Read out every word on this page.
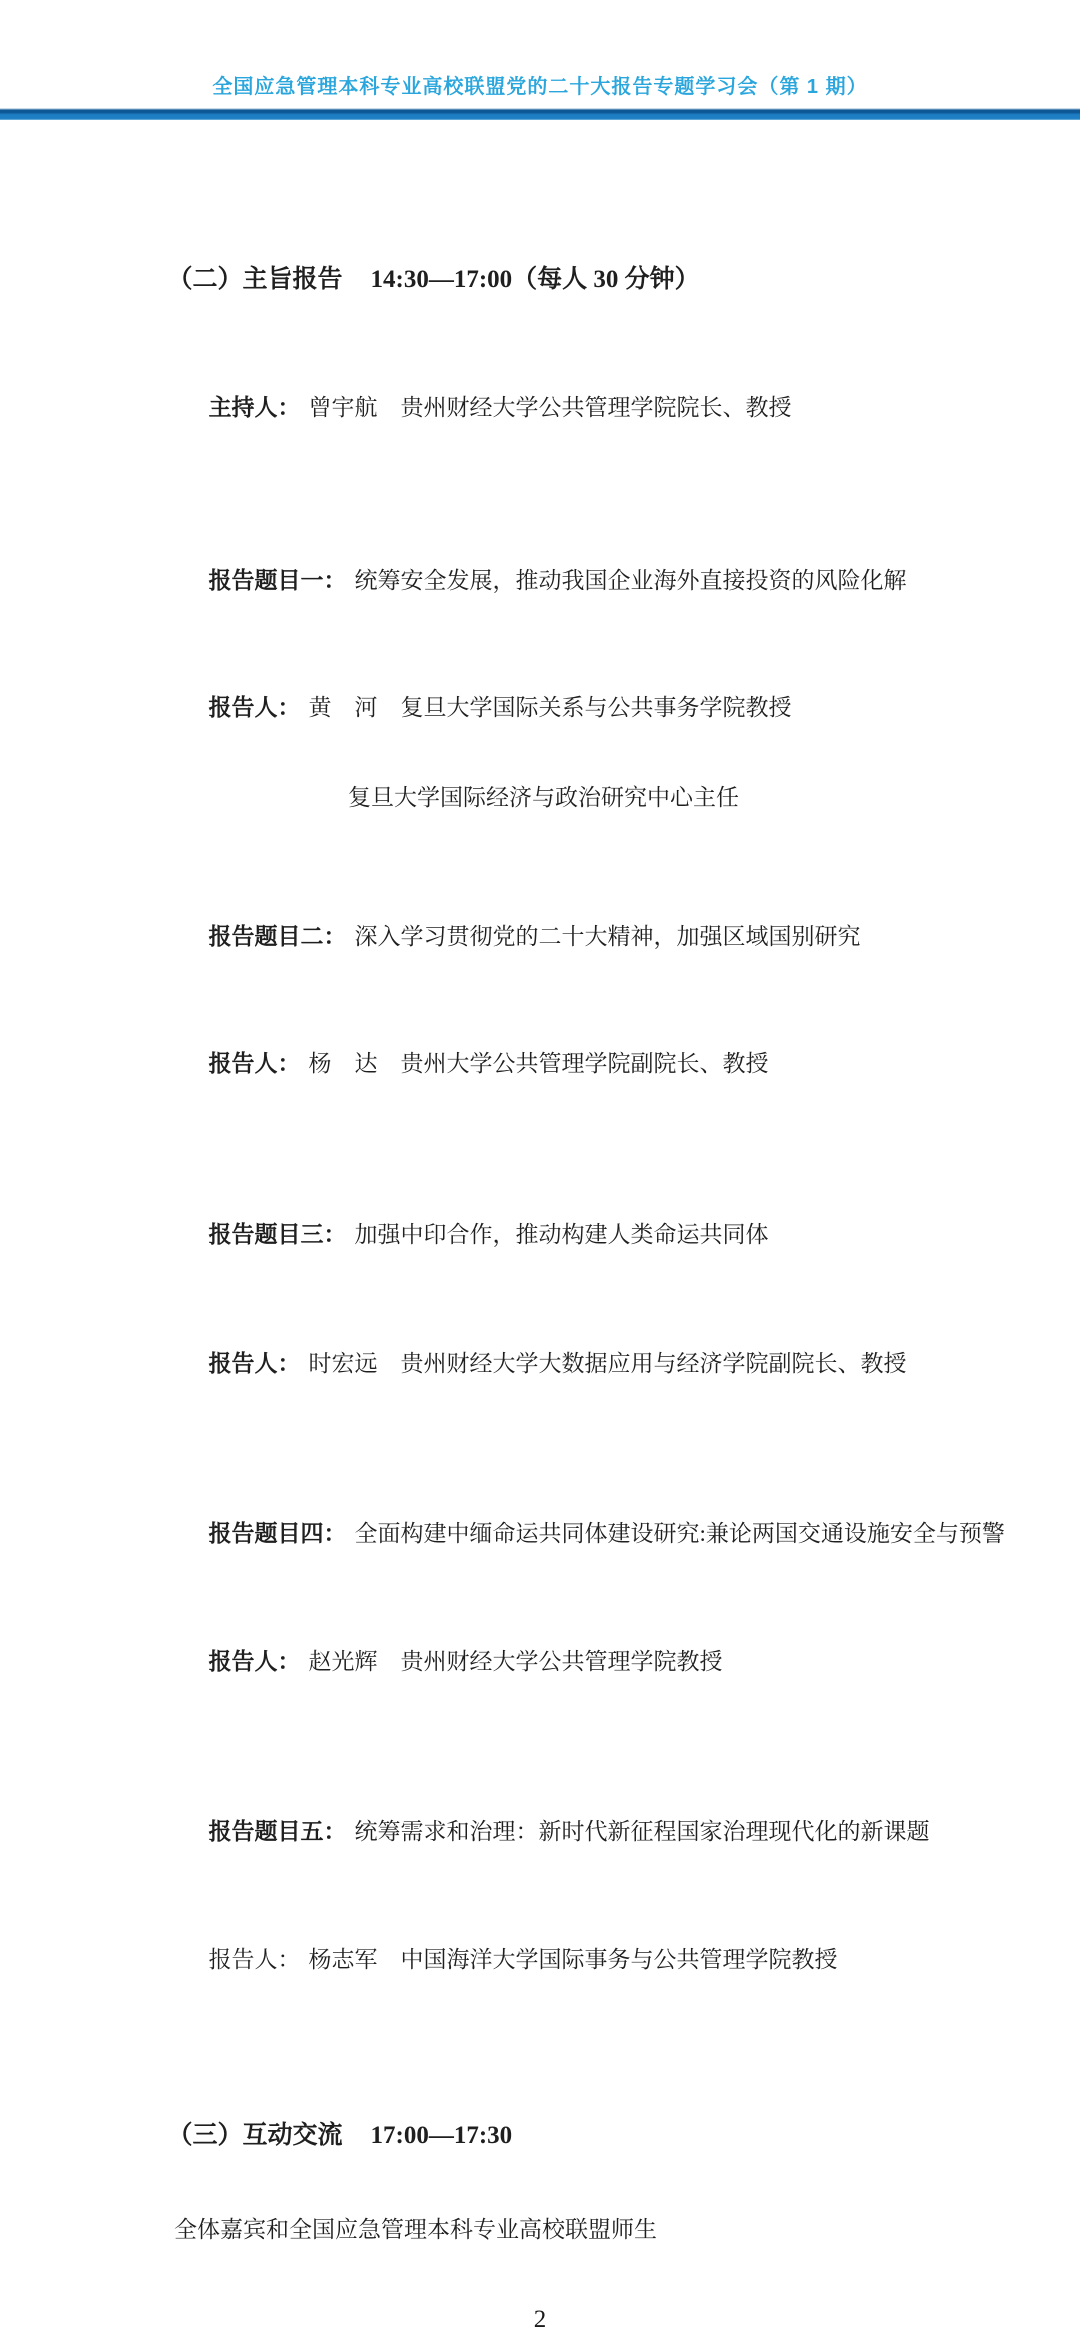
全国应急管理本科专业高校联盟党的二十大报告专题学习会（第 1 期）

（二）主旨报告 14:30—17:00（每人 30 分钟）

主持人： 曾宇航　贵州财经大学公共管理学院院长、教授

报告题目一： 统筹安全发展，推动我国企业海外直接投资的风险化解

报告人： 黄　河　复旦大学国际关系与公共事务学院教授

复旦大学国际经济与政治研究中心主任

报告题目二： 深入学习贯彻党的二十大精神，加强区域国别研究

报告人： 杨　达　贵州大学公共管理学院副院长、教授

报告题目三： 加强中印合作，推动构建人类命运共同体

报告人： 时宏远　贵州财经大学大数据应用与经济学院副院长、教授

报告题目四： 全面构建中缅命运共同体建设研究:兼论两国交通设施安全与预警

报告人： 赵光辉　贵州财经大学公共管理学院教授

报告题目五： 统筹需求和治理：新时代新征程国家治理现代化的新课题

报告人： 杨志军　中国海洋大学国际事务与公共管理学院教授

（三）互动交流 17:00—17:30

全体嘉宾和全国应急管理本科专业高校联盟师生
2
